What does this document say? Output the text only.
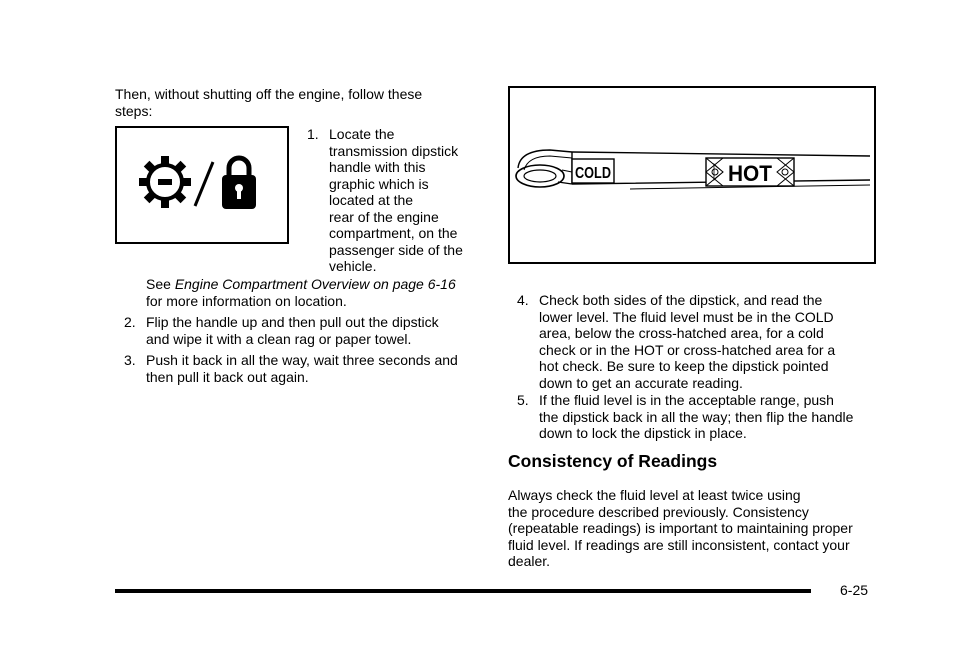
Then, without shutting off the engine, follow these steps:
1. Locate the
transmission dipstick
handle with this
graphic which is
located at the
rear of the engine
compartment, on the
passenger side of the
vehicle.
See Engine Compartment Overview on page 6-16
for more information on location.
2. Flip the handle up and then pull out the dipstick
and wipe it with a clean rag or paper towel.
3. Push it back in all the way, wait three seconds and
then pull it back out again.
COLD	HOT
4. Check both sides of the dipstick, and read the
lower level. The fluid level must be in the COLD
area, below the cross-hatched area, for a cold
check or in the HOT or cross-hatched area for a
hot check. Be sure to keep the dipstick pointed
down to get an accurate reading.
5. If the fluid level is in the acceptable range, push
the dipstick back in all the way; then flip the handle
down to lock the dipstick in place.
Consistency of Readings
Always check the fluid level at least twice using
the procedure described previously. Consistency
(repeatable readings) is important to maintaining proper
fluid level. If readings are still inconsistent, contact your
dealer.
6-25
